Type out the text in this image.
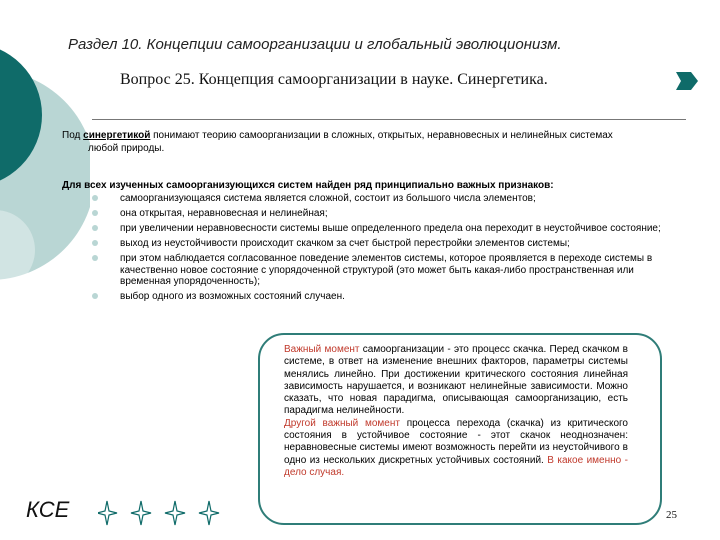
Раздел 10. Концепции самоорганизации и глобальный эволюционизм.
Вопрос 25. Концепция самоорганизации в науке. Синергетика.
Под синергетикой понимают теорию самоорганизации в сложных, открытых, неравновесных и нелинейных системах
любой природы.
Для всех изученных самоорганизующихся систем найден ряд принципиально важных признаков:
самоорганизующаяся система является сложной, состоит из большого числа элементов;
она открытая, неравновесная и нелинейная;
при увеличении неравновесности системы выше определенного предела она переходит в неустойчивое состояние;
выход из неустойчивости происходит скачком за счет быстрой перестройки элементов системы;
при этом наблюдается согласованное поведение элементов системы, которое проявляется в переходе системы в качественно новое состояние с упорядоченной структурой (это может быть какая-либо пространственная или временная упорядоченность);
выбор одного из возможных состояний случаен.
Важный момент самоорганизации - это процесс скачка. Перед скачком в системе, в ответ на изменение внешних факторов, параметры системы менялись линейно. При достижении критического состояния линейная зависимость нарушается, и возникают нелинейные зависимости. Можно сказать, что новая парадигма, описывающая самоорганизацию, есть парадигма нелинейности.
Другой важный момент процесса перехода (скачка) из критического состояния в устойчивое состояние - этот скачок неоднозначен: неравновесные системы имеют возможность перейти из неустойчивого в одно из нескольких дискретных устойчивых состояний. В какое именно - дело случая.
КСЕ	25
